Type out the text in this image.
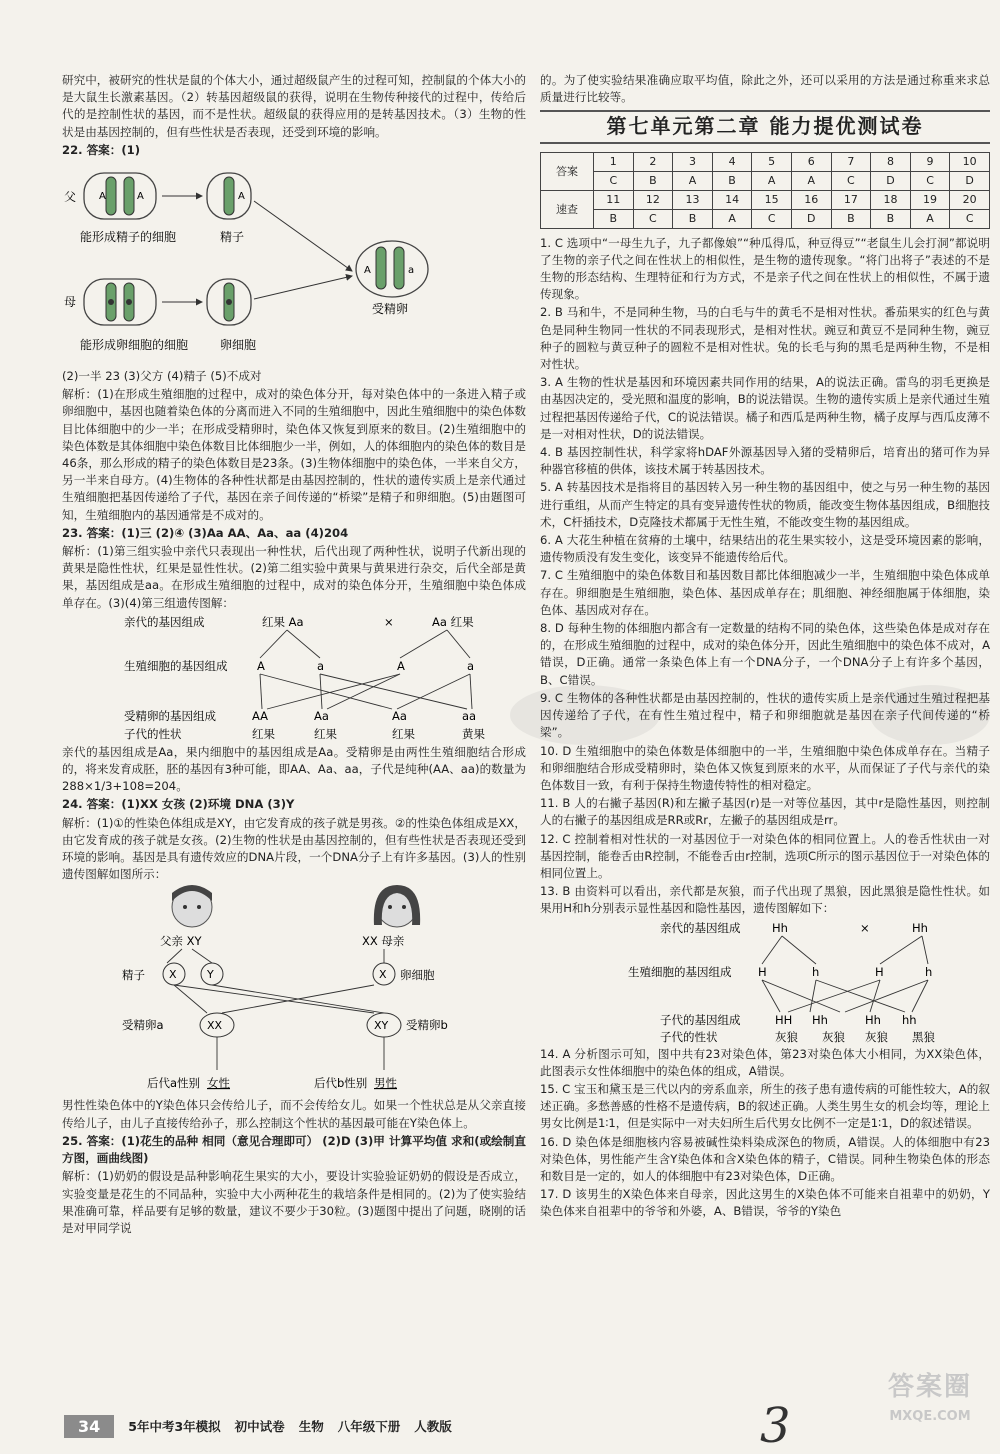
研究中，被研究的性状是鼠的个体大小，通过超级鼠产生的过程可知，控制鼠的个体大小的是大鼠生长激素基因。（2）转基因超级鼠的获得，说明在生物传种接代的过程中，传给后代的是控制性状的基因，而不是性状。超级鼠的获得应用的是转基因技术。（3）生物的性状是由基因控制的，但有些性状是否表现，还受到环境的影响。

22. 答案：(1)

父 A	A
能形成精子的细胞
A
精子
母
能形成卵细胞的细胞	卵细胞
A	a
受精卵

(2)一半 23 (3)父方 (4)精子 (5)不成对

解析：(1)在形成生殖细胞的过程中，成对的染色体分开，每对染色体中的一条进入精子或卵细胞中，基因也随着染色体的分离而进入不同的生殖细胞中，因此生殖细胞中的染色体数目比体细胞中的少一半；在形成受精卵时，染色体又恢复到原来的数目。(2)生殖细胞中的染色体数是其体细胞中染色体数目比体细胞少一半，例如，人的体细胞内的染色体的数目是46条，那么形成的精子的染色体数目是23条。(3)生物体细胞中的染色体，一半来自父方，另一半来自母方。(4)生物体的各种性状都是由基因控制的，性状的遗传实质上是亲代通过生殖细胞把基因传递给了子代，基因在亲子间传递的“桥梁”是精子和卵细胞。(5)由题图可知，生殖细胞内的基因通常是不成对的。

23. 答案：(1)三 (2)④ (3)Aa AA、Aa、aa (4)204

解析：(1)第三组实验中亲代只表现出一种性状，后代出现了两种性状，说明子代新出现的黄果是隐性性状，红果是显性性状。(2)第二组实验中黄果与黄果进行杂交，后代全部是黄果，基因组成是aa。在形成生殖细胞的过程中，成对的染色体分开，生殖细胞中染色体成单存在。(3)(4)第三组遗传图解：

亲代的基因组成	红果 Aa	×	Aa 红果
生殖细胞的基因组成	A	a	A	a
受精卵的基因组成	AA	Aa	Aa	aa
子代的性状	红果	红果	红果	黄果

亲代的基因组成是Aa，果内细胞中的基因组成是Aa。受精卵是由两性生殖细胞结合形成的，将来发育成胚，胚的基因有3种可能，即AA、Aa、aa，子代是纯种(AA、aa)的数量为288×1/3+108=204。

24. 答案：(1)XX 女孩 (2)环境 DNA (3)Y

解析：(1)①的性染色体组成是XY，由它发育成的孩子就是男孩。②的性染色体组成是XX，由它发育成的孩子就是女孩。(2)生物的性状是由基因控制的，但有些性状是否表现还受到环境的影响。基因是具有遗传效应的DNA片段，一个DNA分子上有许多基因。(3)人的性别遗传图解如图所示：

父亲 XY	XX 母亲
精子 X	Y	X 卵细胞
受精卵a	XX	XY 受精卵b
后代a性别 女性	后代b性别 男性

男性性染色体中的Y染色体只会传给儿子，而不会传给女儿。如果一个性状总是从父亲直接传给儿子，由儿子直接传给孙子，那么控制这个性状的基因最可能在Y染色体上。

25. 答案：(1)花生的品种 相同（意见合理即可） (2)D (3)甲 计算平均值 求和(或绘制直方图，画曲线图)

解析：(1)奶奶的假设是品种影响花生果实的大小，要设计实验验证奶奶的假设是否成立，实验变量是花生的不同品种，实验中大小两种花生的栽培条件是相同的。(2)为了使实验结果准确可靠，样品要有足够的数量，建议不要少于30粒。(3)题图中提出了问题，晓刚的话是对甲同学说

的。为了使实验结果准确应取平均值，除此之外，还可以采用的方法是通过称重来求总质量进行比较等。

第七单元第二章 能力提优测试卷
答案	1	2	3	4	5	6	7	8	9	10
	C	B	A	B	A	A	C	D	C	D
速查	11	12	13	14	15	16	17	18	19	20
	B	C	B	A	C	D	B	B	A	C

1. C 选项中“一母生九子，九子都像娘”“种瓜得瓜，种豆得豆”“老鼠生儿会打洞”都说明了生物的亲子代之间在性状上的相似性，是生物的遗传现象。“将门出将子”表述的不是生物的形态结构、生理特征和行为方式，不是亲子代之间在性状上的相似性，不属于遗传现象。

2. B 马和牛，不是同种生物，马的白毛与牛的黄毛不是相对性状。番茄果实的红色与黄色是同种生物同一性状的不同表现形式，是相对性状。豌豆和黄豆不是同种生物，豌豆种子的圆粒与黄豆种子的圆粒不是相对性状。兔的长毛与狗的黑毛是两种生物，不是相对性状。

3. A 生物的性状是基因和环境因素共同作用的结果，A的说法正确。雷鸟的羽毛更换是由基因决定的，受光照和温度的影响，B的说法错误。生物的遗传实质上是亲代通过生殖过程把基因传递给子代，C的说法错误。橘子和西瓜是两种生物，橘子皮厚与西瓜皮薄不是一对相对性状，D的说法错误。

4. B 基因控制性状，科学家将hDAF外源基因导入猪的受精卵后，培育出的猪可作为异种器官移植的供体，该技术属于转基因技术。

5. A 转基因技术是指将目的基因转入另一种生物的基因组中，使之与另一种生物的基因进行重组，从而产生特定的具有变异遗传性状的物质，能改变生物体基因组成，B细胞技术，C杆插技术，D克隆技术都属于无性生殖，不能改变生物的基因组成。

6. A 大花生种植在贫瘠的土壤中，结果结出的花生果实较小，这是受环境因素的影响，遗传物质没有发生变化，该变异不能遗传给后代。

7. C 生殖细胞中的染色体数目和基因数目都比体细胞减少一半，生殖细胞中染色体成单存在。卵细胞是生殖细胞，染色体、基因成单存在；肌细胞、神经细胞属于体细胞，染色体、基因成对存在。

8. D 每种生物的体细胞内都含有一定数量的结构不同的染色体，这些染色体是成对存在的，在形成生殖细胞的过程中，成对的染色体分开，因此生殖细胞中的染色体不成对，A错误，D正确。通常一条染色体上有一个DNA分子，一个DNA分子上有许多个基因，B、C错误。

9. C 生物体的各种性状都是由基因控制的，性状的遗传实质上是亲代通过生殖过程把基因传递给了子代，在有性生殖过程中，精子和卵细胞就是基因在亲子代间传递的“桥梁”。

10. D 生殖细胞中的染色体数是体细胞中的一半，生殖细胞中染色体成单存在。当精子和卵细胞结合形成受精卵时，染色体又恢复到原来的水平，从而保证了子代与亲代的染色体数目一致，有利于保持生物遗传特性的相对稳定。

11. B 人的右撇子基因(R)和左撇子基因(r)是一对等位基因，其中r是隐性基因，则控制人的右撇子的基因组成是RR或Rr，左撇子的基因组成是rr。

12. C 控制着相对性状的一对基因位于一对染色体的相同位置上。人的卷舌性状由一对基因控制，能卷舌由R控制，不能卷舌由r控制，选项C所示的图示基因位于一对染色体的相同位置上。

13. B 由资料可以看出，亲代都是灰狼，而子代出现了黑狼，因此黑狼是隐性性状。如果用H和h分别表示显性基因和隐性基因，遗传图解如下：

亲代的基因组成	Hh	×	Hh
生殖细胞的基因组成 H	h	H	h
子代的基因组成	HH Hh	Hh hh
子代的性状	灰狼 灰狼 灰狼 黑狼

14. A 分析图示可知，图中共有23对染色体，第23对染色体大小相同，为XX染色体，此图表示女性体细胞中的染色体的组成，A错误。

15. C 宝玉和黛玉是三代以内的旁系血亲，所生的孩子患有遗传病的可能性较大，A的叙述正确。多愁善感的性格不是遗传病，B的叙述正确。人类生男生女的机会均等，理论上男女比例是1∶1，但是实际中一对夫妇所生后代男女比例不一定是1∶1，D的叙述错误。

16. D 染色体是细胞核内容易被碱性染料染成深色的物质，A错误。人的体细胞中有23对染色体，男性能产生含Y染色体和含X染色体的精子，C错误。同种生物染色体的形态和数目是一定的，如人的体细胞中有23对染色体，D正确。

17. D 该男生的X染色体来自母亲，因此这男生的X染色体不可能来自祖辈中的奶奶，Y染色体来自祖辈中的爷爷和外婆，A、B错误，爷爷的Y染色

34	5年中考3年模拟 初中试卷 生物 八年级下册 人教版	3
答案圈
MXQE.COM
